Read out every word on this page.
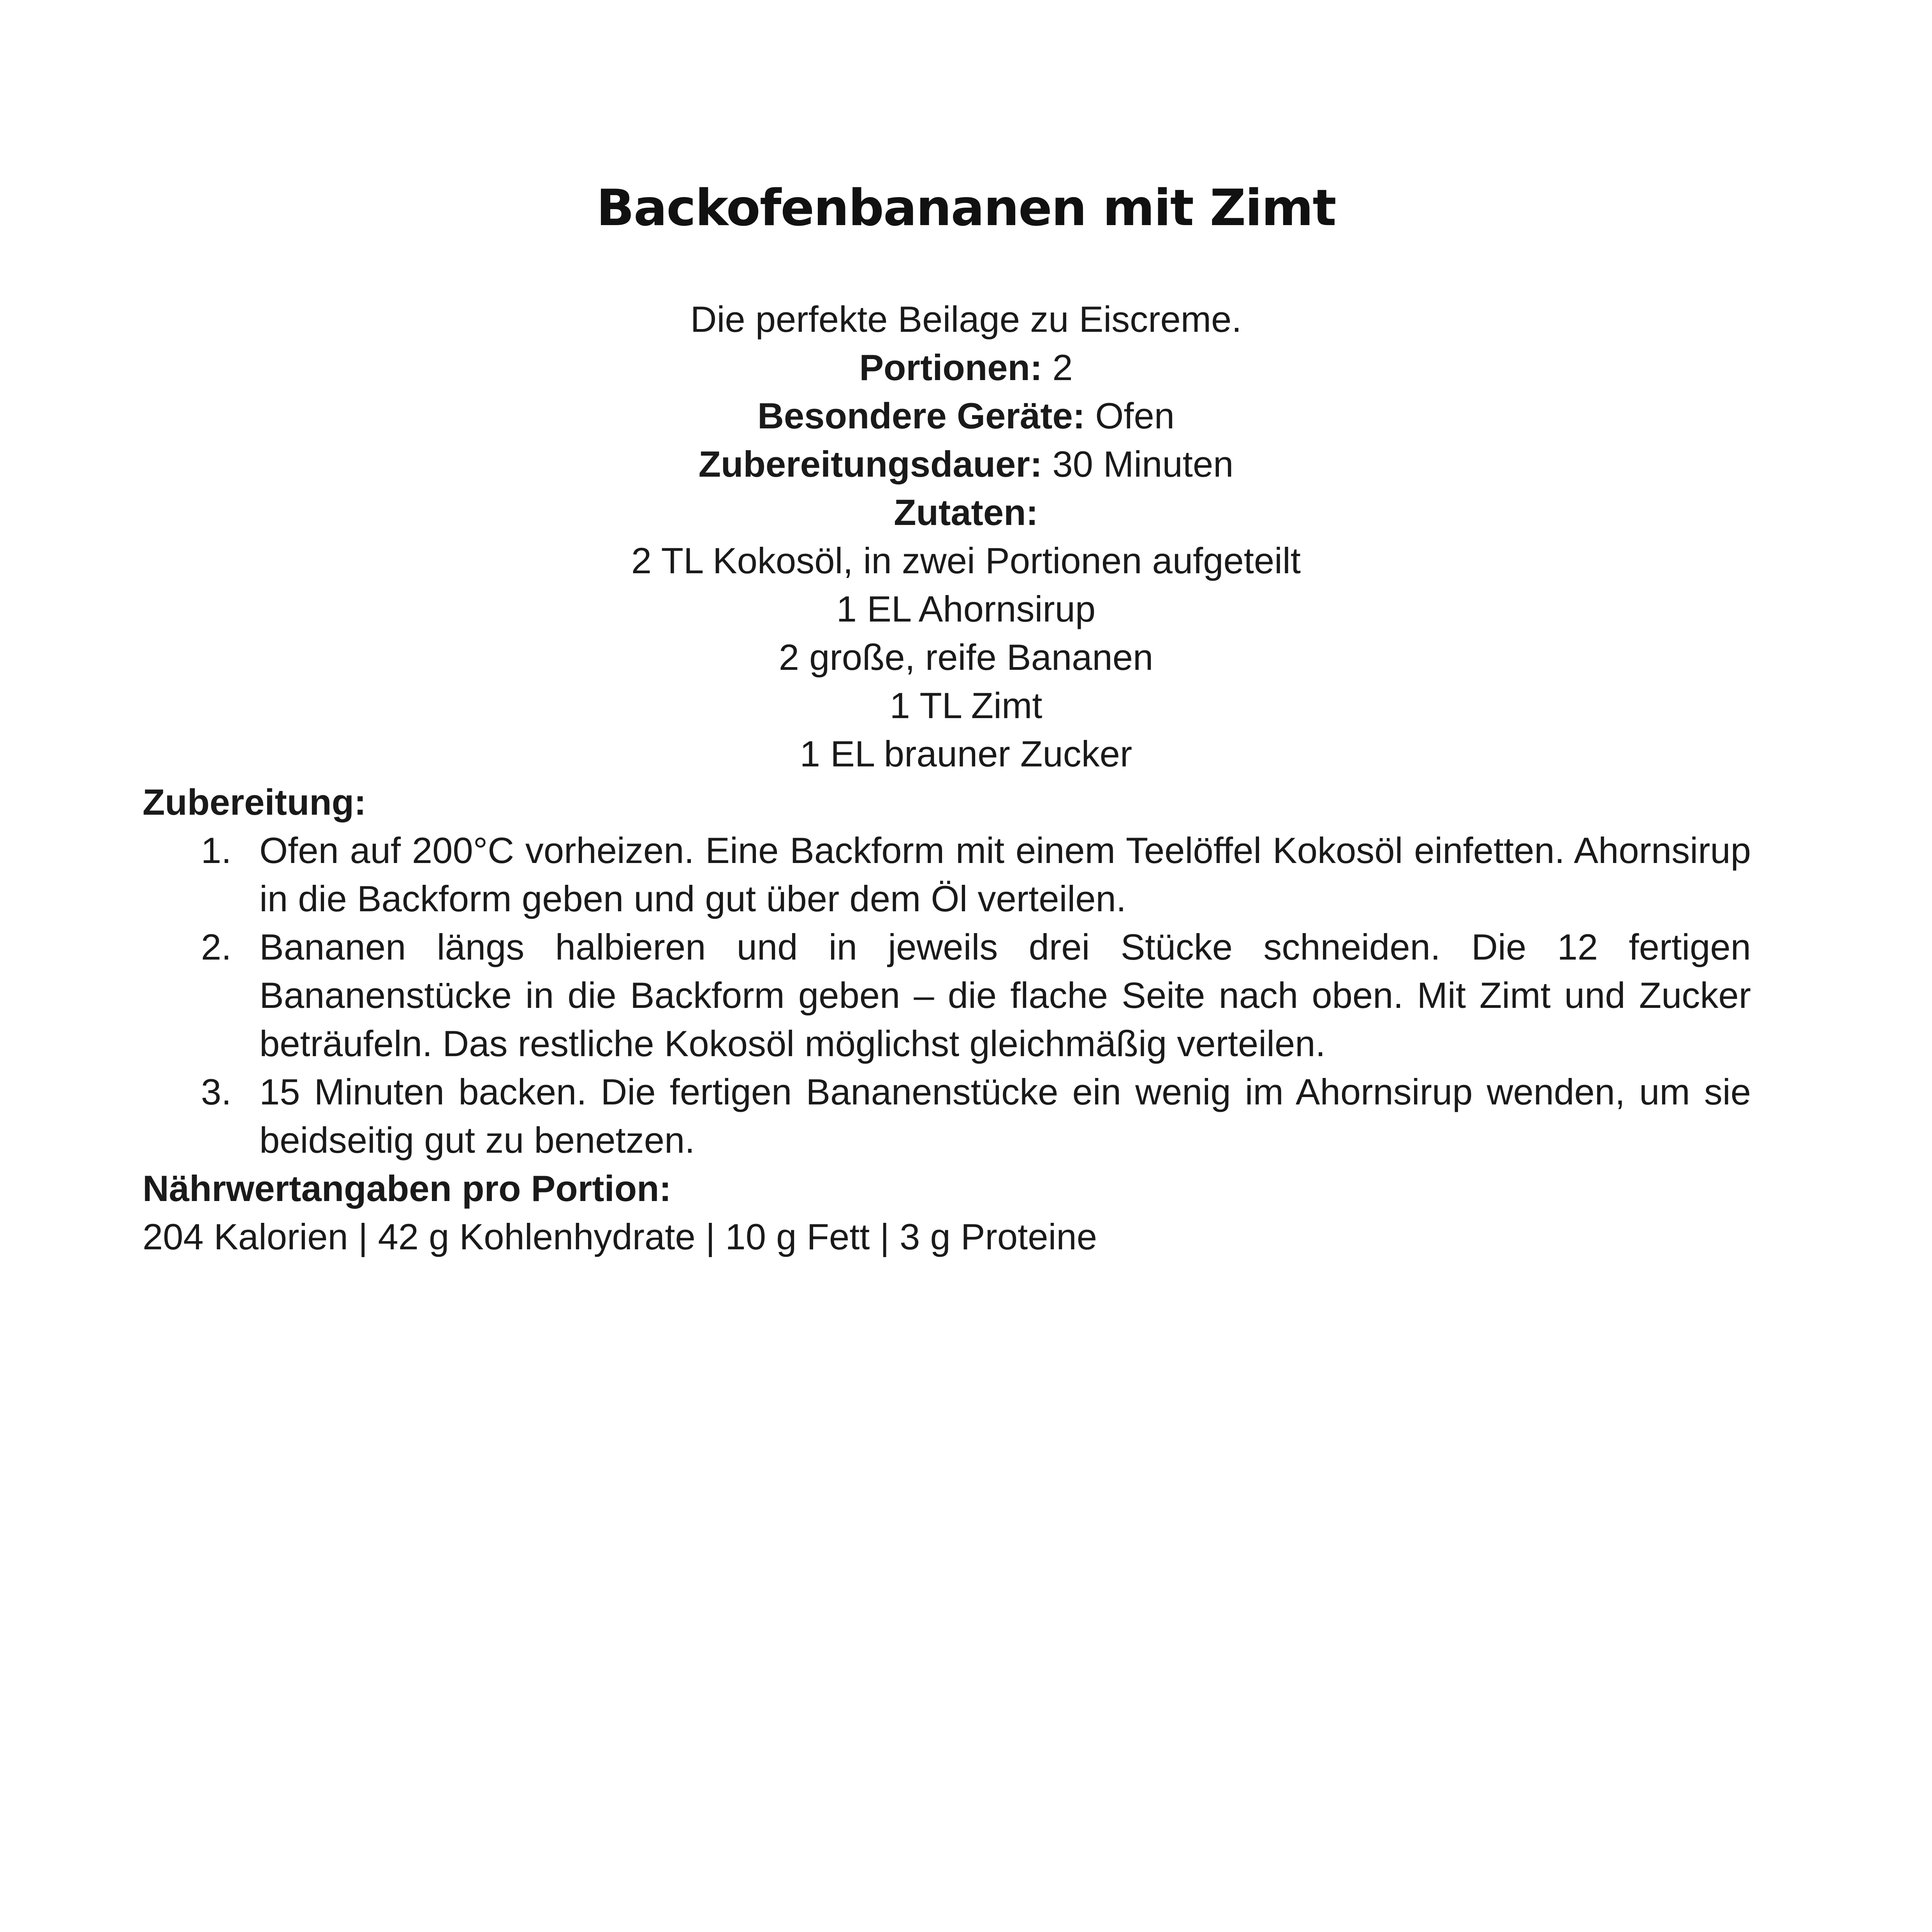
Backofenbananen mit Zimt
Die perfekte Beilage zu Eiscreme.
Portionen: 2
Besondere Geräte: Ofen
Zubereitungsdauer: 30 Minuten
Zutaten:
2 TL Kokosöl, in zwei Portionen aufgeteilt
1 EL Ahornsirup
2 große, reife Bananen
1 TL Zimt
1 EL brauner Zucker
Zubereitung:
1. Ofen auf 200°C vorheizen. Eine Backform mit einem Teelöffel Kokosöl einfetten. Ahornsirup in die Backform geben und gut über dem Öl verteilen.
2. Bananen längs halbieren und in jeweils drei Stücke schneiden. Die 12 fertigen Bananenstücke in die Backform geben – die flache Seite nach oben. Mit Zimt und Zucker beträufeln. Das restliche Kokosöl möglichst gleichmäßig verteilen.
3. 15 Minuten backen. Die fertigen Bananenstücke ein wenig im Ahornsirup wenden, um sie beidseitig gut zu benetzen.
Nährwertangaben pro Portion:
204 Kalorien | 42 g Kohlenhydrate | 10 g Fett | 3 g Proteine
